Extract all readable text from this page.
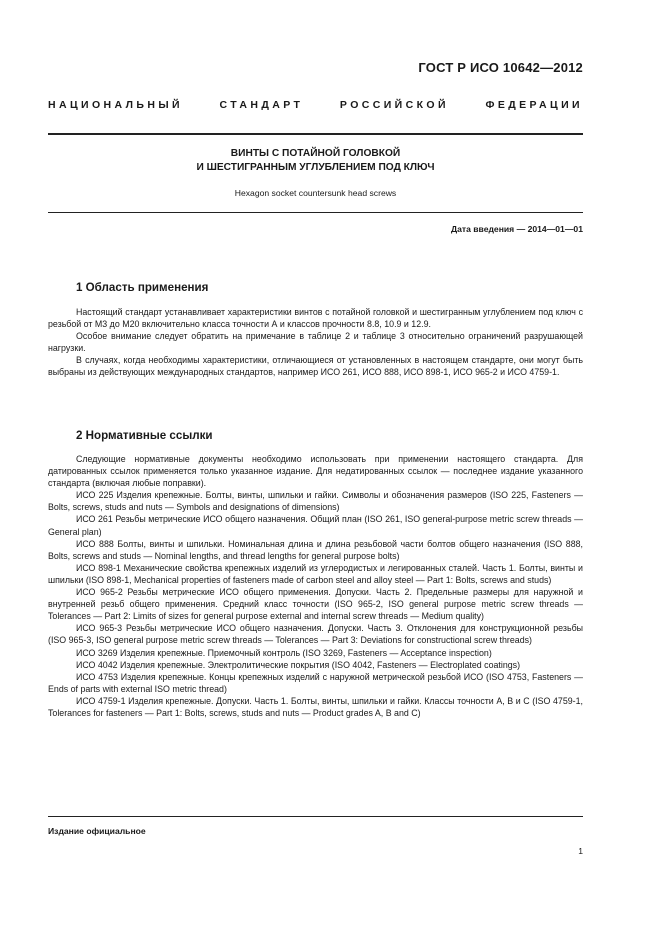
ГОСТ Р ИСО 10642—2012
НАЦИОНАЛЬНЫЙ СТАНДАРТ РОССИЙСКОЙ ФЕДЕРАЦИИ
ВИНТЫ С ПОТАЙНОЙ ГОЛОВКОЙ
И ШЕСТИГРАННЫМ УГЛУБЛЕНИЕМ ПОД КЛЮЧ
Hexagon socket countersunk head screws
Дата введения — 2014—01—01
1 Область применения

Настоящий стандарт устанавливает характеристики винтов с потайной головкой и шестигранным углублением под ключ с резьбой от М3 до М20 включительно класса точности А и классов прочности 8.8, 10.9 и 12.9.

Особое внимание следует обратить на примечание в таблице 2 и таблице 3 относительно ограничений разрушающей нагрузки.

В случаях, когда необходимы характеристики, отличающиеся от установленных в настоящем стандарте, они могут быть выбраны из действующих международных стандартов, например ИСО 261, ИСО 888, ИСО 898-1, ИСО 965-2 и ИСО 4759-1.

2 Нормативные ссылки

Следующие нормативные документы необходимо использовать при применении настоящего стандарта. Для датированных ссылок применяется только указанное издание. Для недатированных ссылок — последнее издание указанного стандарта (включая любые поправки).

ИСО 225 Изделия крепежные. Болты, винты, шпильки и гайки. Символы и обозначения размеров (ISO 225, Fasteners — Bolts, screws, studs and nuts — Symbols and designations of dimensions)

ИСО 261 Резьбы метрические ИСО общего назначения. Общий план (ISO 261, ISO general-purpose metric screw threads — General plan)

ИСО 888 Болты, винты и шпильки. Номинальная длина и длина резьбовой части болтов общего назначения (ISO 888, Bolts, screws and studs — Nominal lengths, and thread lengths for general purpose bolts)

ИСО 898-1 Механические свойства крепежных изделий из углеродистых и легированных сталей. Часть 1. Болты, винты и шпильки (ISO 898-1, Mechanical properties of fasteners made of carbon steel and alloy steel — Part 1: Bolts, screws and studs)

ИСО 965-2 Резьбы метрические ИСО общего применения. Допуски. Часть 2. Предельные размеры для наружной и внутренней резьб общего применения. Средний класс точности (ISO 965-2, ISO general purpose metric screw threads — Tolerances — Part 2: Limits of sizes for general purpose external and internal screw threads — Medium quality)

ИСО 965-3 Резьбы метрические ИСО общего назначения. Допуски. Часть 3. Отклонения для конструкционной резьбы (ISO 965-3, ISO general purpose metric screw threads — Tolerances — Part 3: Deviations for constructional screw threads)

ИСО 3269 Изделия крепежные. Приемочный контроль (ISO 3269, Fasteners — Acceptance inspection)

ИСО 4042 Изделия крепежные. Электролитические покрытия (ISO 4042, Fasteners — Electroplated coatings)

ИСО 4753 Изделия крепежные. Концы крепежных изделий с наружной метрической резьбой ИСО (ISO 4753, Fasteners — Ends of parts with external ISO metric thread)

ИСО 4759-1 Изделия крепежные. Допуски. Часть 1. Болты, винты, шпильки и гайки. Классы точности А, В и С (ISO 4759-1, Tolerances for fasteners — Part 1: Bolts, screws, studs and nuts — Product grades A, B and C)

Издание официальное
1
